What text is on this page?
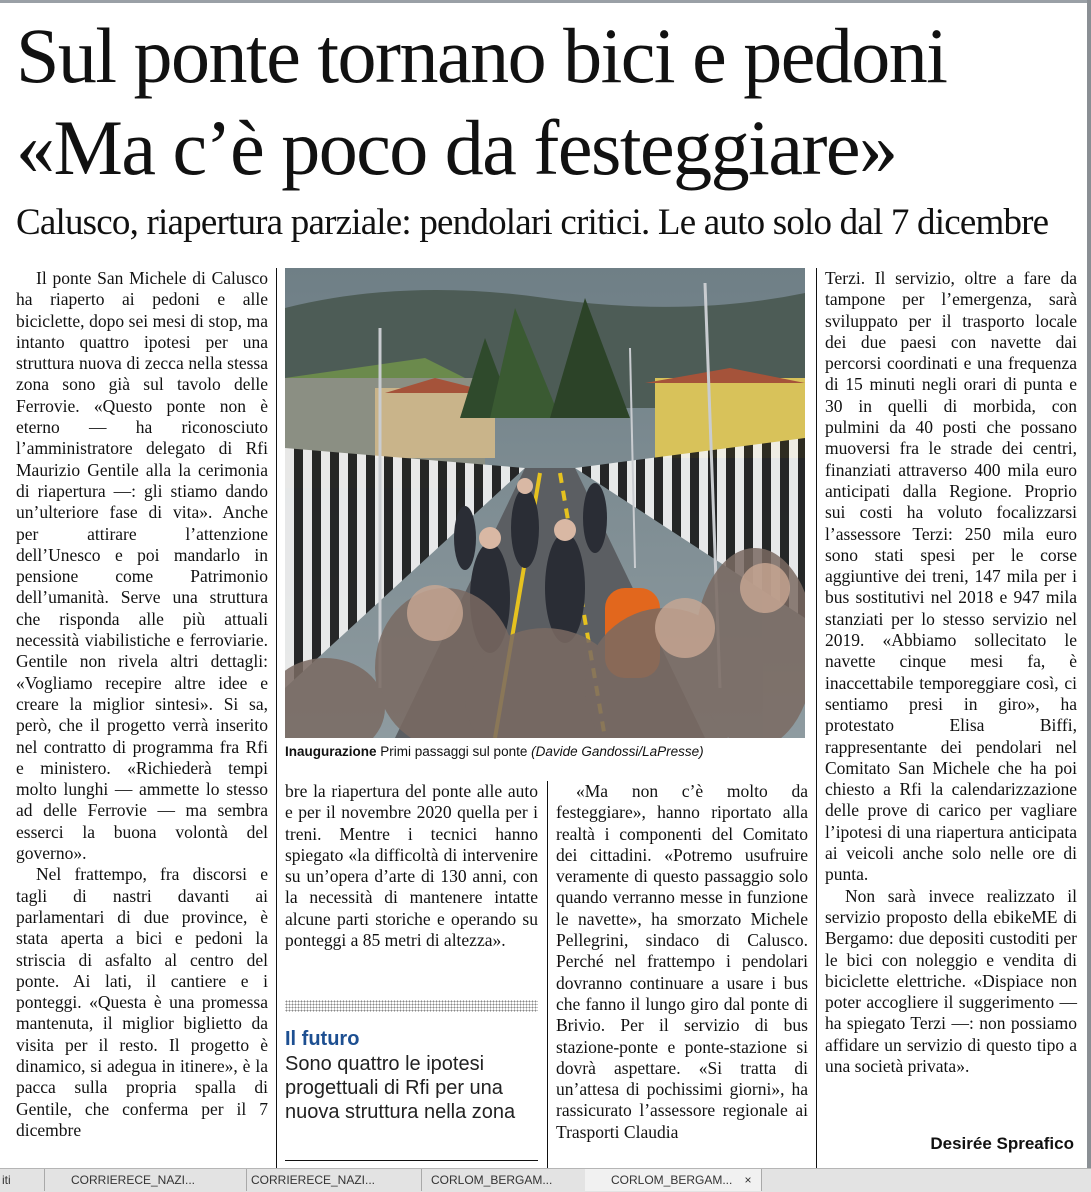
Sul ponte tornano bici e pedoni
«Ma c’è poco da festeggiare»
Calusco, riapertura parziale: pendolari critici. Le auto solo dal 7 dicembre

Il ponte San Michele di Calusco ha riaperto ai pedoni e alle biciclette, dopo sei mesi di stop, ma intanto quattro ipotesi per una struttura nuova di zecca nella stessa zona sono già sul tavolo delle Ferrovie. «Questo ponte non è eterno — ha riconosciuto l’amministratore delegato di Rfi Maurizio Gentile alla la cerimonia di riapertura —: gli stiamo dando un’ulteriore fase di vita». Anche per attirare l’attenzione dell’Unesco e poi mandarlo in pensione come Patrimonio dell’umanità. Serve una struttura che risponda alle più attuali necessità viabilistiche e ferroviarie. Gentile non rivela altri dettagli: «Vogliamo recepire altre idee e creare la miglior sintesi». Si sa, però, che il progetto verrà inserito nel contratto di programma fra Rfi e ministero. «Richiederà tempi molto lunghi — ammette lo stesso ad delle Ferrovie — ma sembra esserci la buona volontà del governo».

Nel frattempo, fra discorsi e tagli di nastri davanti ai parlamentari di due province, è stata aperta a bici e pedoni la striscia di asfalto al centro del ponte. Ai lati, il cantiere e i ponteggi. «Questa è una promessa mantenuta, il miglior biglietto da visita per il resto. Il progetto è dinamico, si adegua in itinere», è la pacca sulla propria spalla di Gentile, che conferma per il 7 dicembre

Inaugurazione Primi passaggi sul ponte (Davide Gandossi/LaPresse)

bre la riapertura del ponte alle auto e per il novembre 2020 quella per i treni. Mentre i tecnici hanno spiegato «la difficoltà di intervenire su un’opera d’arte di 130 anni, con la necessità di mantenere intatte alcune parti storiche e operando su ponteggi a 85 metri di altezza».

Il futuro
Sono quattro le ipotesi progettuali di Rfi per una nuova struttura nella zona

«Ma non c’è molto da festeggiare», hanno riportato alla realtà i componenti del Comitato dei cittadini. «Potremo usufruire veramente di questo passaggio solo quando verranno messe in funzione le navette», ha smorzato Michele Pellegrini, sindaco di Calusco. Perché nel frattempo i pendolari dovranno continuare a usare i bus che fanno il lungo giro dal ponte di Brivio. Per il servizio di bus stazione-ponte e ponte-stazione si dovrà aspettare. «Si tratta di un’attesa di pochissimi giorni», ha rassicurato l’assessore regionale ai Trasporti Claudia

Terzi. Il servizio, oltre a fare da tampone per l’emergenza, sarà sviluppato per il trasporto locale dei due paesi con navette dai percorsi coordinati e una frequenza di 15 minuti negli orari di punta e 30 in quelli di morbida, con pulmini da 40 posti che possano muoversi fra le strade dei centri, finanziati attraverso 400 mila euro anticipati dalla Regione. Proprio sui costi ha voluto focalizzarsi l’assessore Terzi: 250 mila euro sono stati spesi per le corse aggiuntive dei treni, 147 mila per i bus sostitutivi nel 2018 e 947 mila stanziati per lo stesso servizio nel 2019. «Abbiamo sollecitato le navette cinque mesi fa, è inaccettabile temporeggiare così, ci sentiamo presi in giro», ha protestato Elisa Biffi, rappresentante dei pendolari nel Comitato San Michele che ha poi chiesto a Rfi la calendarizzazione delle prove di carico per vagliare l’ipotesi di una riapertura anticipata ai veicoli anche solo nelle ore di punta.

Non sarà invece realizzato il servizio proposto della ebikeME di Bergamo: due depositi custoditi per le bici con noleggio e vendita di biciclette elettriche. «Dispiace non poter accogliere il suggerimento — ha spiegato Terzi —: non possiamo affidare un servizio di questo tipo a una società privata».

Desirée Spreafico
iti	CORRIERECE_NAZI...	CORRIERECE_NAZI...	CORLOM_BERGAM...	CORLOM_BERGAM...	×
